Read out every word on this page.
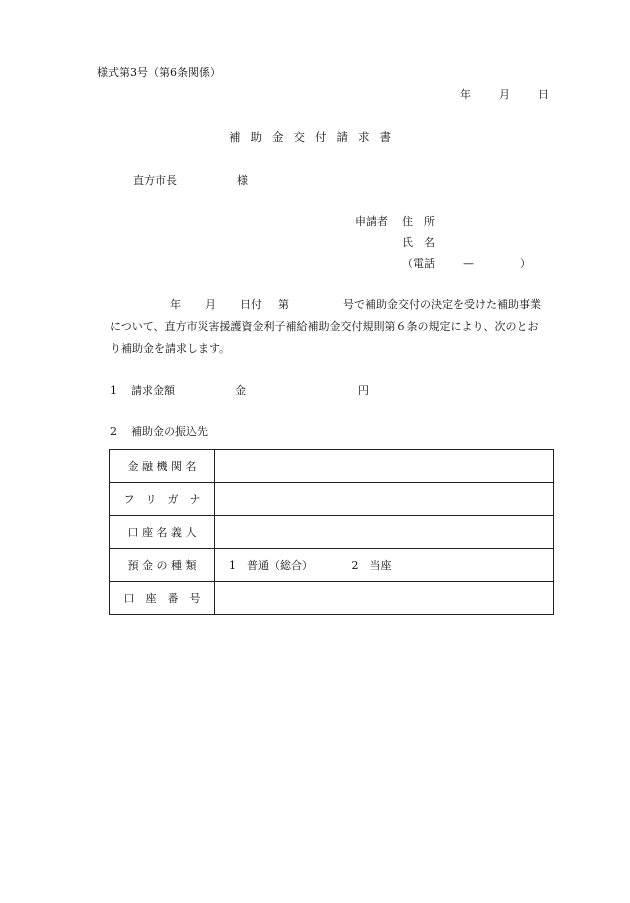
様式第3号（第6条関係）
年	月	日
補助金交付請求書
直方市長	様
申請者 住　所
氏　名
（電話	—	）
年 月 日付 第	号で補助金交付の決定を受けた補助事業
について、直方市災害援護資金利子補給補助金交付規則第６条の規定により、次のとお
り補助金を請求します。
1 請求金額	金	円
2 補助金の振込先
金 融 機 関 名	
フ　リ　ガ　ナ	
口 座 名 義 人	
預 金 の 種 類	1　普通（総合）　　　　2　当座
口　座　番　号	
